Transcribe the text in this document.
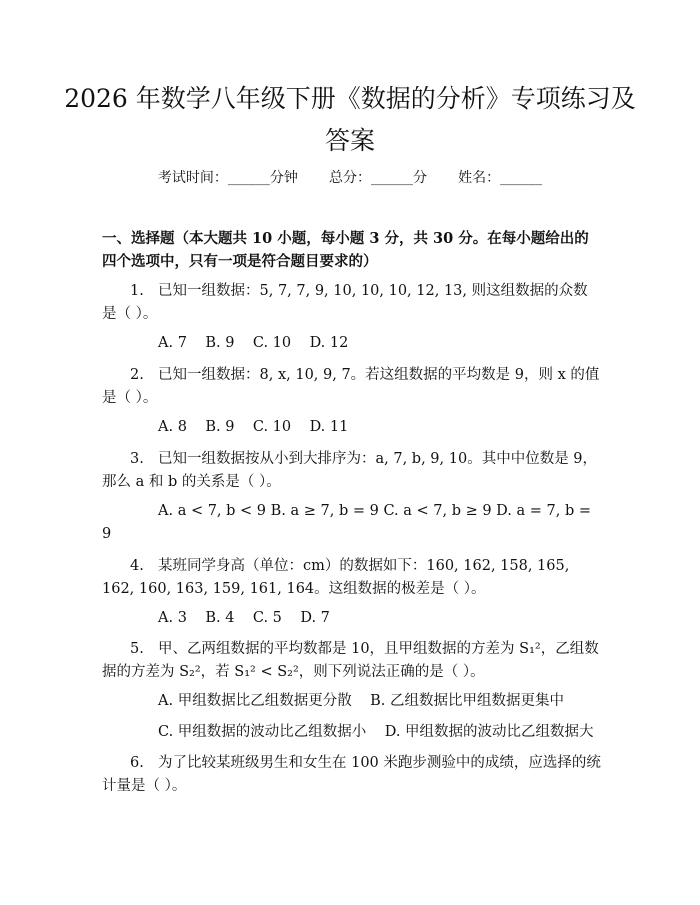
2026 年数学八年级下册《数据的分析》专项练习及答案
考试时间：______分钟 总分：______分 姓名：______
一、选择题（本大题共 10 小题，每小题 3 分，共 30 分。在每小题给出的四个选项中，只有一项是符合题目要求的）
1. 已知一组数据：5, 7, 7, 9, 10, 10, 10, 12, 13, 则这组数据的众数是（ ）。
A. 7    B. 9    C. 10    D. 12
2. 已知一组数据：8, x, 10, 9, 7。若这组数据的平均数是 9，则 x 的值是（ ）。
A. 8    B. 9    C. 10    D. 11
3. 已知一组数据按从小到大排序为：a, 7, b, 9, 10。其中中位数是 9，那么 a 和 b 的关系是（ ）。
A. a < 7, b < 9 B. a ≥ 7, b = 9 C. a < 7, b ≥ 9 D. a = 7, b = 9
4. 某班同学身高（单位：cm）的数据如下：160, 162, 158, 165, 162, 160, 163, 159, 161, 164。这组数据的极差是（ ）。
A. 3    B. 4    C. 5    D. 7
5. 甲、乙两组数据的平均数都是 10，且甲组数据的方差为 S₁²，乙组数据的方差为 S₂²，若 S₁² < S₂²，则下列说法正确的是（ ）。
A. 甲组数据比乙组数据更分散    B. 乙组数据比甲组数据更集中
C. 甲组数据的波动比乙组数据小    D. 甲组数据的波动比乙组数据大
6. 为了比较某班级男生和女生在 100 米跑步测验中的成绩，应选择的统计量是（ ）。
